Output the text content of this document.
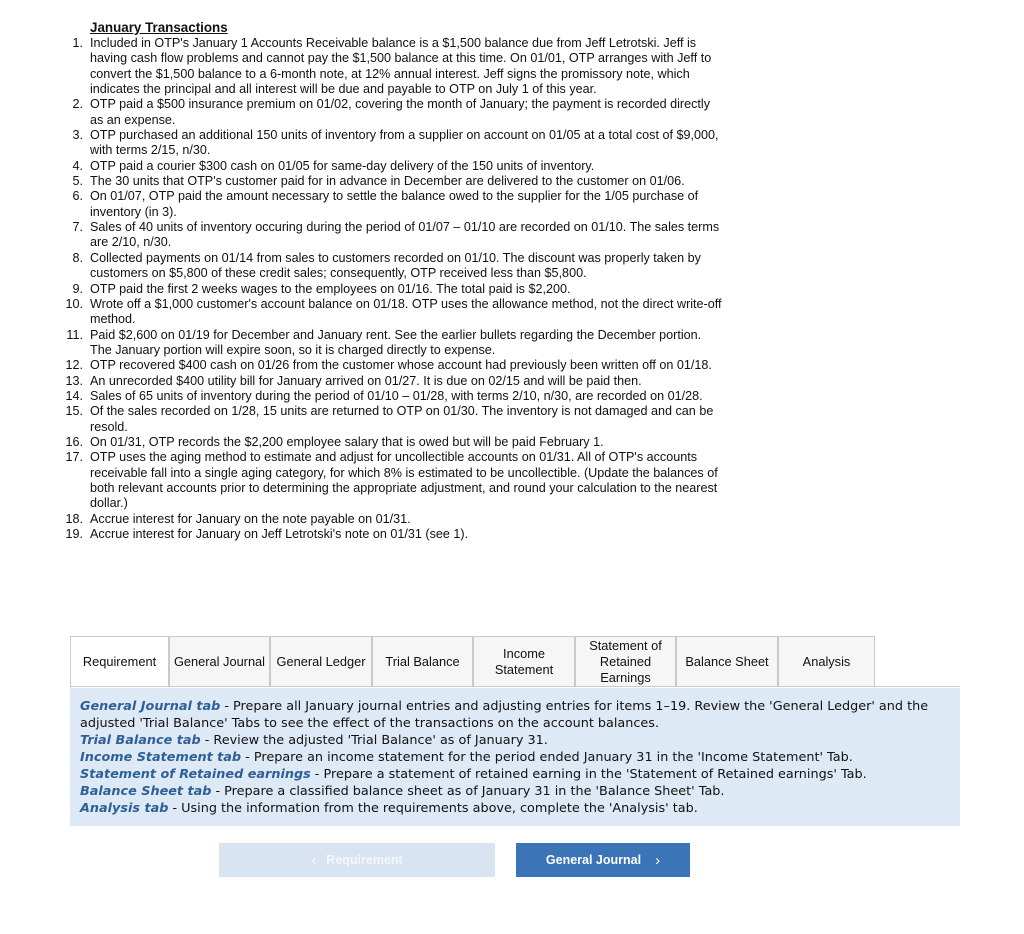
January Transactions
1. Included in OTP's January 1 Accounts Receivable balance is a $1,500 balance due from Jeff Letrotski. Jeff is having cash flow problems and cannot pay the $1,500 balance at this time. On 01/01, OTP arranges with Jeff to convert the $1,500 balance to a 6-month note, at 12% annual interest. Jeff signs the promissory note, which indicates the principal and all interest will be due and payable to OTP on July 1 of this year.
2. OTP paid a $500 insurance premium on 01/02, covering the month of January; the payment is recorded directly as an expense.
3. OTP purchased an additional 150 units of inventory from a supplier on account on 01/05 at a total cost of $9,000, with terms 2/15, n/30.
4. OTP paid a courier $300 cash on 01/05 for same-day delivery of the 150 units of inventory.
5. The 30 units that OTP's customer paid for in advance in December are delivered to the customer on 01/06.
6. On 01/07, OTP paid the amount necessary to settle the balance owed to the supplier for the 1/05 purchase of inventory (in 3).
7. Sales of 40 units of inventory occuring during the period of 01/07 – 01/10 are recorded on 01/10. The sales terms are 2/10, n/30.
8. Collected payments on 01/14 from sales to customers recorded on 01/10. The discount was properly taken by customers on $5,800 of these credit sales; consequently, OTP received less than $5,800.
9. OTP paid the first 2 weeks wages to the employees on 01/16. The total paid is $2,200.
10. Wrote off a $1,000 customer's account balance on 01/18. OTP uses the allowance method, not the direct write-off method.
11. Paid $2,600 on 01/19 for December and January rent. See the earlier bullets regarding the December portion. The January portion will expire soon, so it is charged directly to expense.
12. OTP recovered $400 cash on 01/26 from the customer whose account had previously been written off on 01/18.
13. An unrecorded $400 utility bill for January arrived on 01/27. It is due on 02/15 and will be paid then.
14. Sales of 65 units of inventory during the period of 01/10 – 01/28, with terms 2/10, n/30, are recorded on 01/28.
15. Of the sales recorded on 1/28, 15 units are returned to OTP on 01/30. The inventory is not damaged and can be resold.
16. On 01/31, OTP records the $2,200 employee salary that is owed but will be paid February 1.
17. OTP uses the aging method to estimate and adjust for uncollectible accounts on 01/31. All of OTP's accounts receivable fall into a single aging category, for which 8% is estimated to be uncollectible. (Update the balances of both relevant accounts prior to determining the appropriate adjustment, and round your calculation to the nearest dollar.)
18. Accrue interest for January on the note payable on 01/31.
19. Accrue interest for January on Jeff Letrotski's note on 01/31 (see 1).
Requirement	General Journal General Ledger	Trial Balance
Income Statement
Statement of Retained Earnings
Balance Sheet	Analysis

General Journal tab - Prepare all January journal entries and adjusting entries for items 1–19. Review the 'General Ledger' and the adjusted 'Trial Balance' Tabs to see the effect of the transactions on the account balances.

Trial Balance tab - Review the adjusted 'Trial Balance' as of January 31.

Income Statement tab - Prepare an income statement for the period ended January 31 in the 'Income Statement' Tab.

Statement of Retained earnings - Prepare a statement of retained earning in the 'Statement of Retained earnings' Tab.

Balance Sheet tab - Prepare a classified balance sheet as of January 31 in the 'Balance Sheet' Tab.

Analysis tab - Using the information from the requirements above, complete the 'Analysis' tab.

‹ Requirement	General Journal ›
